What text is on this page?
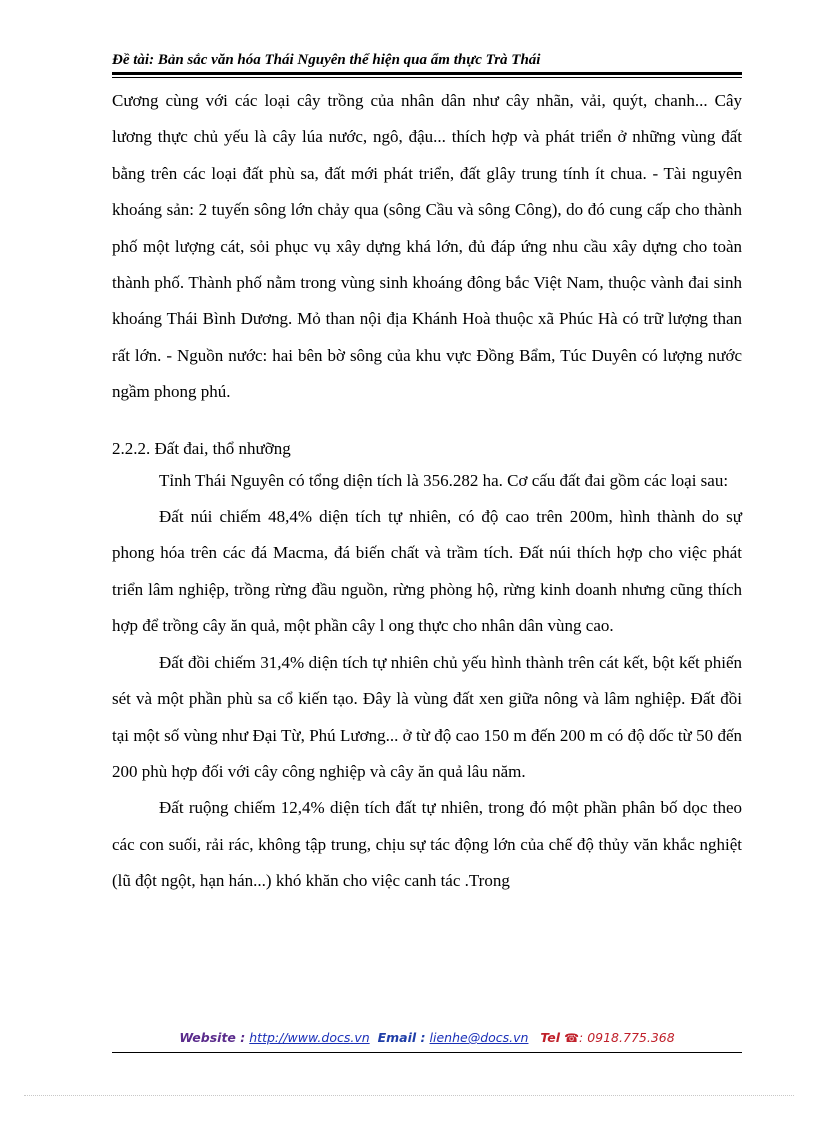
Đề tài: Bản sắc văn hóa Thái Nguyên thể hiện qua ẩm thực Trà Thái

Cương cùng với các loại cây trồng của nhân dân như cây nhãn, vải, quýt, chanh... Cây lương thực chủ yếu là cây lúa nước, ngô, đậu... thích hợp và phát triển ở những vùng đất bằng trên các loại đất phù sa, đất mới phát triển, đất glây trung tính ít chua. - Tài nguyên khoáng sản: 2 tuyến sông lớn chảy qua (sông Cầu và sông Công), do đó cung cấp cho thành phố một lượng cát, sỏi phục vụ xây dựng khá lớn, đủ đáp ứng nhu cầu xây dựng cho toàn thành phố. Thành phố nằm trong vùng sinh khoáng đông bắc Việt Nam, thuộc vành đai sinh khoáng Thái Bình Dương. Mỏ than nội địa Khánh Hoà thuộc xã Phúc Hà có trữ lượng than rất lớn. - Nguồn nước: hai bên bờ sông của khu vực Đồng Bẩm, Túc Duyên có lượng nước ngầm phong phú.

2.2.2. Đất đai, thổ nhưỡng

Tỉnh Thái Nguyên có tổng diện tích là 356.282 ha. Cơ cấu đất đai gồm các loại sau:

Đất núi chiếm 48,4% diện tích tự nhiên, có độ cao trên 200m, hình thành do sự phong hóa trên các đá Macma, đá biến chất và trầm tích. Đất núi thích hợp cho việc phát triển lâm nghiệp, trồng rừng đầu nguồn, rừng phòng hộ, rừng kinh doanh nhưng cũng thích hợp để trồng cây ăn quả, một phần cây l ong thực cho nhân dân vùng cao.

Đất đồi chiếm 31,4% diện tích tự nhiên chủ yếu hình thành trên cát kết, bột kết phiến sét và một phần phù sa cổ kiến tạo. Đây là vùng đất xen giữa nông và lâm nghiệp. Đất đồi tại một số vùng như Đại Từ, Phú Lương... ở từ độ cao 150 m đến 200 m có độ dốc từ 50 đến 200 phù hợp đối với cây công nghiệp và cây ăn quả lâu năm.

Đất ruộng chiếm 12,4% diện tích đất tự nhiên, trong đó một phần phân bố dọc theo các con suối, rải rác, không tập trung, chịu sự tác động lớn của chế độ thủy văn khắc nghiệt (lũ đột ngột, hạn hán...) khó khăn cho việc canh tác .Trong

Website : http://www.docs.vn Email : lienhe@docs.vn Tel ☎: 0918.775.368
